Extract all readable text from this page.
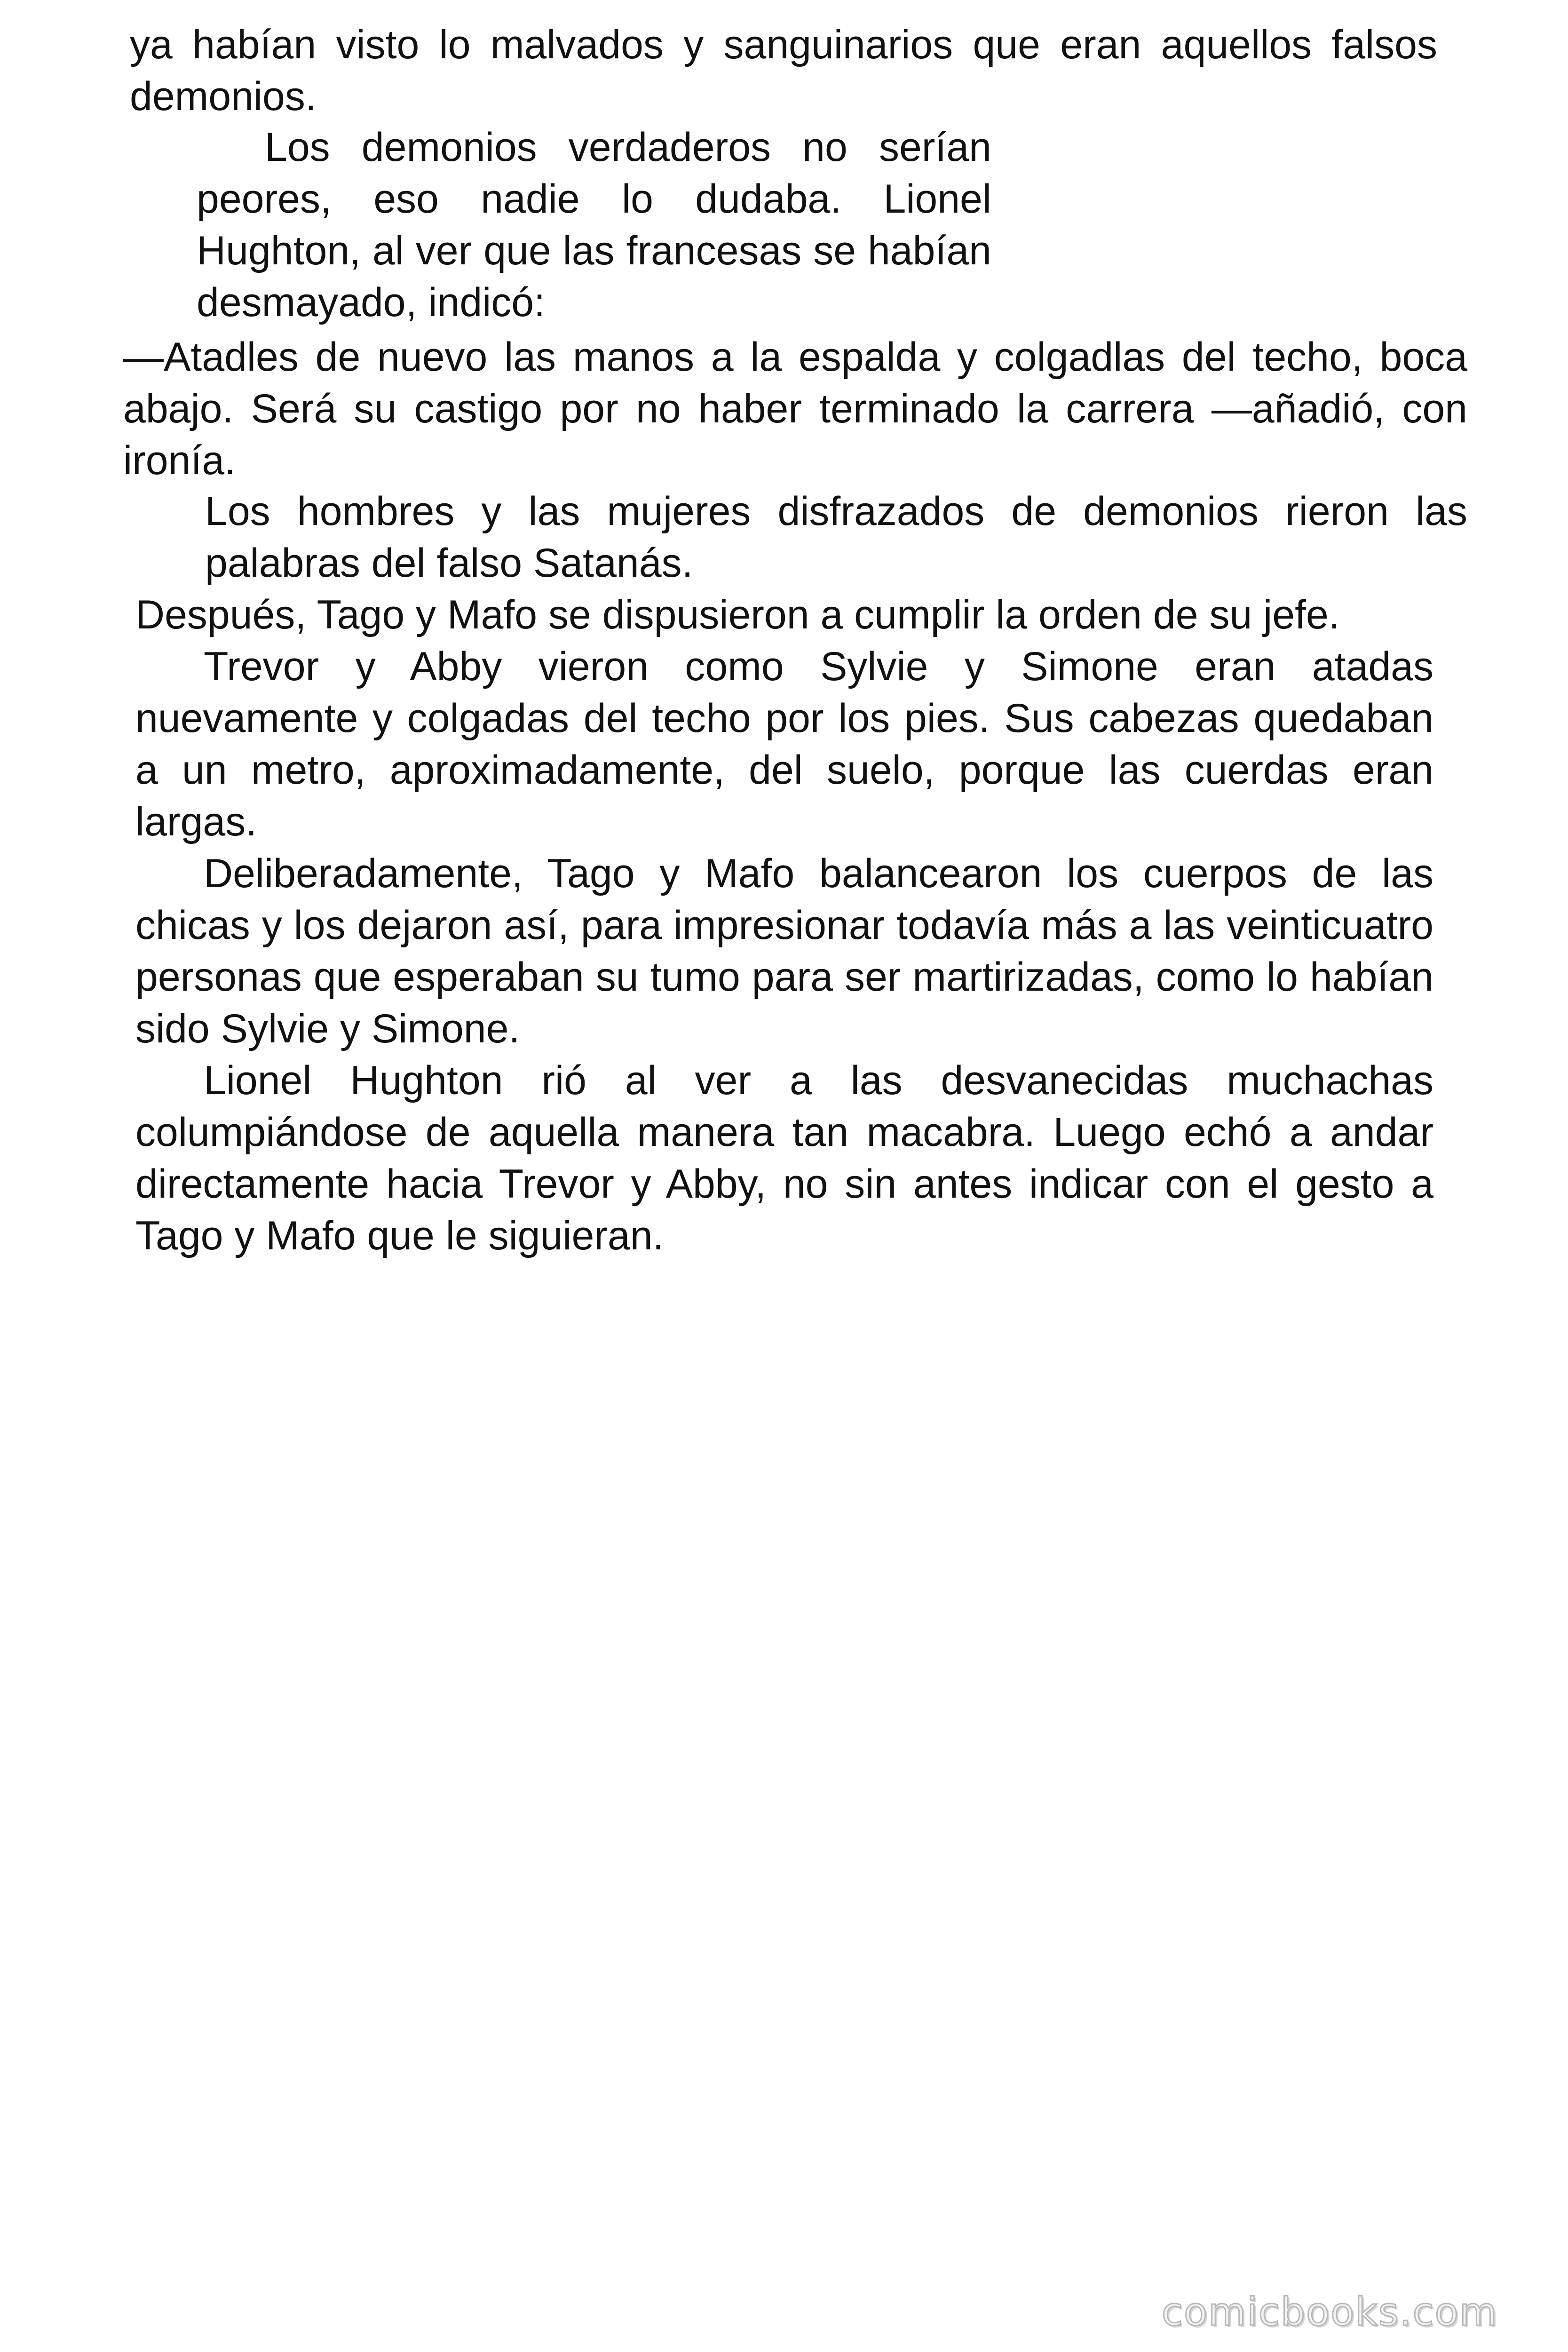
ya habían visto lo malvados y sanguinarios que eran aquellos falsos demonios.

Los demonios verdaderos no serían peores, eso nadie lo dudaba. Lionel Hughton, al ver que las francesas se habían desmayado, indicó:

—Atadles de nuevo las manos a la espalda y colgadlas del techo, boca abajo. Será su castigo por no haber terminado la carrera —añadió, con ironía.

Los hombres y las mujeres disfrazados de demonios rieron las palabras del falso Satanás.

Después, Tago y Mafo se dispusieron a cumplir la orden de su jefe.

Trevor y Abby vieron como Sylvie y Simone eran atadas nuevamente y colgadas del techo por los pies. Sus cabezas quedaban a un metro, aproximadamente, del suelo, porque las cuerdas eran largas.

Deliberadamente, Tago y Mafo balancearon los cuerpos de las chicas y los dejaron así, para impresionar todavía más a las veinticuatro personas que esperaban su tumo para ser martirizadas, como lo habían sido Sylvie y Simone.

Lionel Hughton rió al ver a las desvanecidas muchachas columpiándose de aquella manera tan macabra. Luego echó a andar directamente hacia Trevor y Abby, no sin antes indicar con el gesto a Tago y Mafo que le siguieran.

comicbooks.com
